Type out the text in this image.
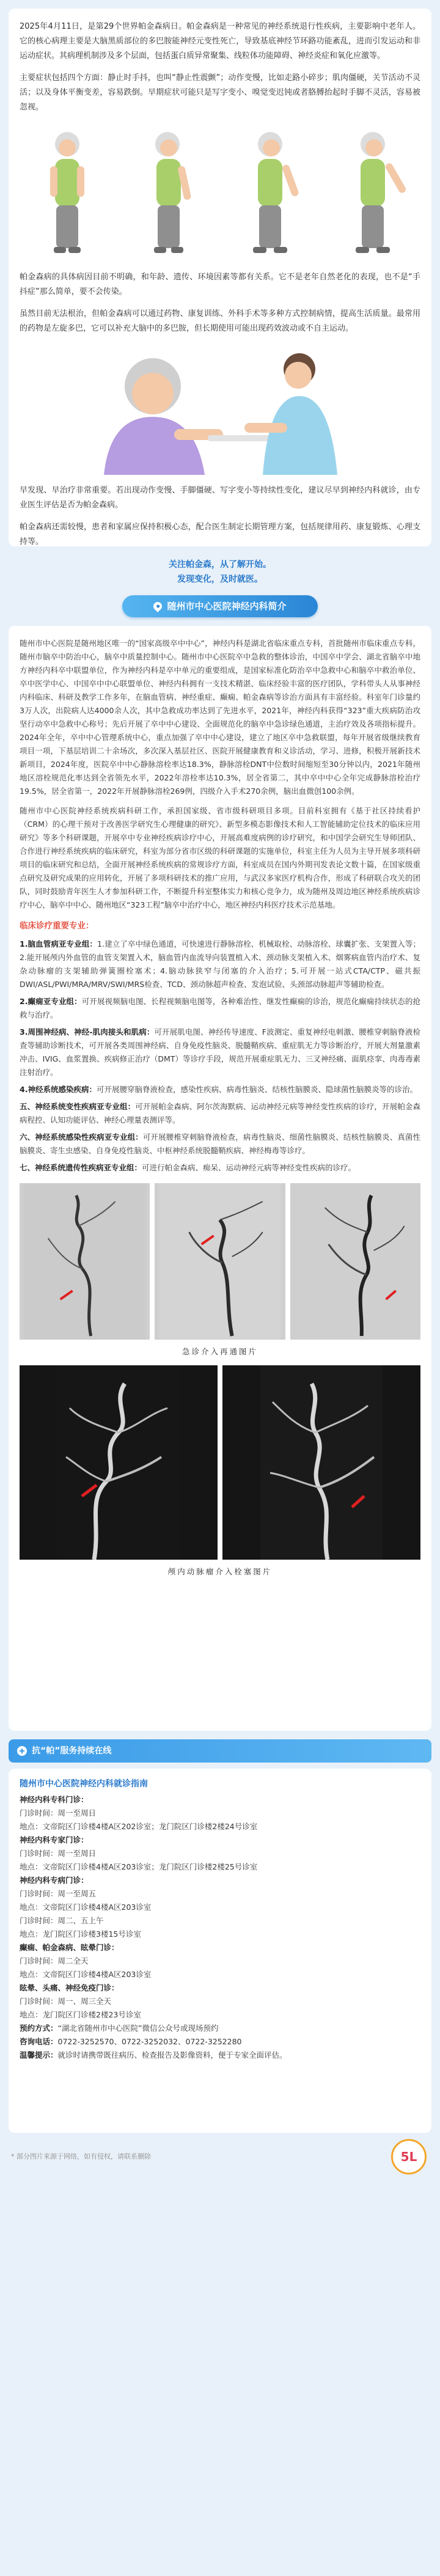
2025年4月11日，是第29个世界帕金森病日。帕金森病是一种常见的神经系统退行性疾病，主要影响中老年人。它的核心病理主要是大脑黑质部位的多巴胺能神经元变性死亡，导致基底神经节环路功能紊乱，进而引发运动和非运动症状。其病理机制涉及多个层面，包括蛋白质异常聚集、线粒体功能障碍、神经炎症和氧化应激等。

主要症状包括四个方面：静止时手抖，也叫“静止性震颤”；动作变慢，比如走路小碎步；肌肉僵硬，关节活动不灵活；以及身体平衡变差，容易跌倒。早期症状可能只是写字变小、嗅觉变迟钝或者胳膊抬起时手脚不灵活，容易被忽视。

帕金森病的具体病因目前不明确，和年龄、遗传、环境因素等都有关系。它不是老年自然老化的表现，也不是“手抖症”那么简单，要不会传染。

虽然目前无法根治，但帕金森病可以通过药物、康复训练、外科手术等多种方式控制病情，提高生活质量。最常用的药物是左旋多巴，它可以补充大脑中的多巴胺，但长期使用可能出现药效波动或不自主运动。

早发现、早治疗非常重要。若出现动作变慢、手脚僵硬、写字变小等持续性变化，建议尽早到神经内科就诊，由专业医生评估是否为帕金森病。

帕金森病还需较慢，患者和家属应保持积极心态，配合医生制定长期管理方案，包括规律用药、康复锻炼、心理支持等。

关注帕金森，从了解开始。
发现变化，及时就医。
随州市中心医院神经内科简介

随州市中心医院是随州地区唯一的“国家高级卒中中心”，神经内科是湖北省临床重点专科，首批随州市临床重点专科，随州市脑卒中防治中心，脑卒中质量控制中心。随州市中心医院卒中急救的整体诊治，中国卒中学会、湖北省脑卒中地方神经内科卒中联盟单位，作为神经内科是卒中单元的重要组成，是国家标准化防治卒中急救中心和脑卒中救治单位、卒中医学中心、中国卒中中心联盟单位、神经内科拥有一支技术精湛、临床经验丰富的医疗团队，学科带头人从事神经内科临床、科研及教学工作多年，在脑血管病、神经重症、癫痫、帕金森病等诊治方面具有丰富经验。科室年门诊量约3万人次，出院病人达4000余人次，其中急救成功率达到了先进水平，2021年，神经内科获得“323”重大疾病防治攻坚行动卒中急救中心称号；先后开展了卒中中心建设、全面规范化的脑卒中急诊绿色通道，主治疗效及各项指标提升。2024年全年，卒中中心管理系统中心，重点加强了卒中中心建设，建立了地区卒中急救联盟，每年开展省级继续教育项目一项，下基层培训二十余场次，多次深入基层社区、医院开展健康教育和义诊活动，学习、进修，积极开展新技术新项目，2024年度，医院卒中中心静脉溶栓率达18.3%，静脉溶栓DNT中位数时间缩短至30分钟以内，2021年随州地区溶栓规范化率达到全省领先水平，2022年溶栓率达10.3%，居全省第二，其中卒中中心全年完成静脉溶栓治疗19.5%，居全省第一，2022年开展静脉溶栓269例，四级介入手术270余例，脑出血微创100余例。

随州市中心医院神经系统疾病科研工作，承担国家级、省市级科研项目多项。目前科室拥有《基于社区持续看护（CRM）的心理干预对于改善医学研究生心理健康的研究》、新型多模态影像技术和人工智能辅助定位技术的临床应用研究》等多个科研课题，开展卒中专业神经疾病诊疗中心，开展高难度病例的诊疗研究，和中国学会研究生导师团队、合作进行神经系统疾病的临床研究，科室为部分省市区级的科研课题的实施单位，科室主任为人员为主导开展多项科研项目的临床研究和总结，全面开展神经系统疾病的常规诊疗方面，科室成员在国内外期刊发表论文数十篇，在国家级重点研究及研究成果的应用转化，开展了多项科研技术的推广应用，与武汉多家医疗机构合作，形成了科研联合攻关的团队，同时鼓励青年医生人才参加科研工作，不断提升科室整体实力和核心竞争力，成为随州及周边地区神经系统疾病诊疗中心，脑卒中中心、随州地区“323工程”脑卒中治疗中心，地区神经内科医疗技术示范基地。

临床诊疗重要专业：
1.脑血管病亚专业组：1.建立了卒中绿色通道，可快速进行静脉溶栓、机械取栓、动脉溶栓、球囊扩张、支架置入等；2.能开展颅内外血管的血管支架置入术，脑血管内血流导向装置植入术、颈动脉支架植入术、烟雾病血管内治疗术、复杂动脉瘤的支架辅助弹簧圈栓塞术；4.脑动脉狭窄与闭塞的介入治疗；5.可开展一站式CTA/CTP、磁共振DWI/ASL/PWI/MRA/MRV/SWI/MRS检查、TCD、颈动脉超声检查、发泡试验、头颈部动脉超声等辅助检查。
2.癫痫亚专业组：可开展视频脑电图、长程视频脑电图等，各种难治性、继发性癫痫的诊治，规范化癫痫持续状态的抢救与治疗。
3.周围神经病、神经-肌肉接头和肌病：可开展肌电图、神经传导速度、F波测定、重复神经电刺激、腰椎穿刺脑脊液检查等辅助诊断技术，可开展各类周围神经病、自身免疫性脑炎、脱髓鞘疾病、重症肌无力等诊断治疗，开展大剂量激素冲击、IVIG、血浆置换、疾病修正治疗（DMT）等诊疗手段，规范开展重症肌无力、三叉神经痛、面肌痉挛、肉毒毒素注射治疗。
4.神经系统感染疾病：可开展腰穿脑脊液检查，感染性疾病、病毒性脑炎、结核性脑膜炎、隐球菌性脑膜炎等的诊治。
五、神经系统变性疾病亚专业组：可开展帕金森病、阿尔茨海默病、运动神经元病等神经变性疾病的诊疗，开展帕金森病程控、认知功能评估、神经心理量表测评等。
六、神经系统感染性疾病亚专业组：可开展腰椎穿刺脑脊液检查，病毒性脑炎、细菌性脑膜炎、结核性脑膜炎、真菌性脑膜炎、寄生虫感染、自身免疫性脑炎、中枢神经系统脱髓鞘疾病、神经梅毒等诊疗。
七、神经系统遗传性疾病亚专业组：可进行帕金森病、痴呆、运动神经元病等神经变性疾病的诊疗。
急诊介入再通图片
颅内动脉瘤介入栓塞图片
抗“帕”服务持续在线
随州市中心医院神经内科就诊指南
神经内科专科门诊：
门诊时间：周一至周日
地点：文帝院区门诊楼4楼A区202诊室；龙门院区门诊楼2楼24号诊室
神经内科专家门诊：
门诊时间：周一至周日
地点：文帝院区门诊楼4楼A区203诊室；龙门院区门诊楼2楼25号诊室
神经内科专病门诊：
门诊时间：周一至周五
地点：文帝院区门诊楼4楼A区203诊室
门诊时间：周二、五上午
地点：龙门院区门诊楼3楼15号诊室
癫痫、帕金森病、眩晕门诊：
门诊时间：周二全天
地点：文帝院区门诊楼4楼A区203诊室
眩晕、头痛、神经免疫门诊：
门诊时间：周一、周三全天
地点：龙门院区门诊楼2楼23号诊室
预约方式：“湖北省随州市中心医院”微信公众号或现场预约
咨询电话：0722-3252570、0722-3252032、0722-3252280
温馨提示：就诊时请携带既往病历、检查报告及影像资料，便于专家全面评估。
* 部分图片来源于网络，如有侵权，请联系删除	5L
